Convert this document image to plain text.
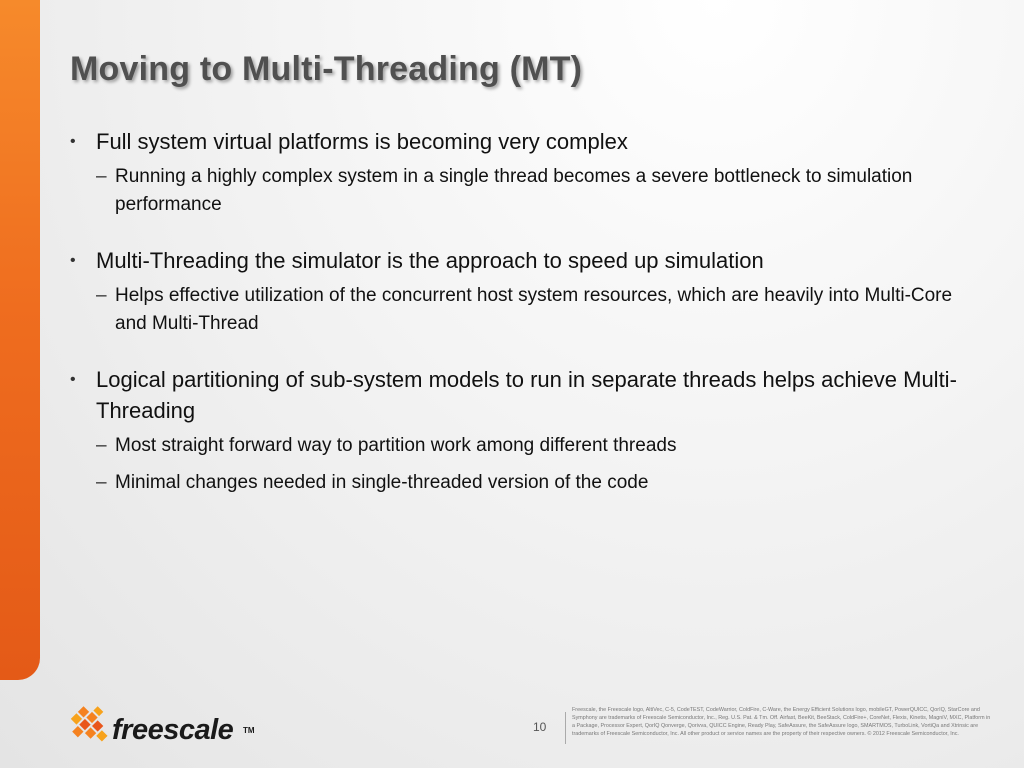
Moving to Multi-Threading (MT)
• Full system virtual platforms is becoming very complex
– Running a highly complex system in a single thread becomes a severe bottleneck to simulation performance
• Multi-Threading the simulator is the approach to speed up simulation
– Helps effective utilization of the concurrent host system resources, which are heavily into Multi-Core and Multi-Thread
• Logical partitioning of sub-system models to run in separate threads helps achieve Multi-Threading
– Most straight forward way to partition work among different threads
– Minimal changes needed in single-threaded version of the code
freescale TM	10
Freescale, the Freescale logo, AltiVec, C-5, CodeTEST, CodeWarrior, ColdFire, C-Ware, the Energy Efficient Solutions logo, mobileGT, PowerQUICC, QorIQ, StarCore and Symphony are trademarks of Freescale Semiconductor, Inc., Reg. U.S. Pat. & Tm. Off. Airfast, BeeKit, BeeStack, ColdFire+, CoreNet, Flexis, Kinetis, MagniV, MXC, Platform in a Package, Processor Expert, QorIQ Qonverge, Qorivva, QUICC Engine, Ready Play, SafeAssure, the SafeAssure logo, SMARTMOS, TurboLink, VortiQa and Xtrinsic are trademarks of Freescale Semiconductor, Inc. All other product or service names are the property of their respective owners. © 2012 Freescale Semiconductor, Inc.
